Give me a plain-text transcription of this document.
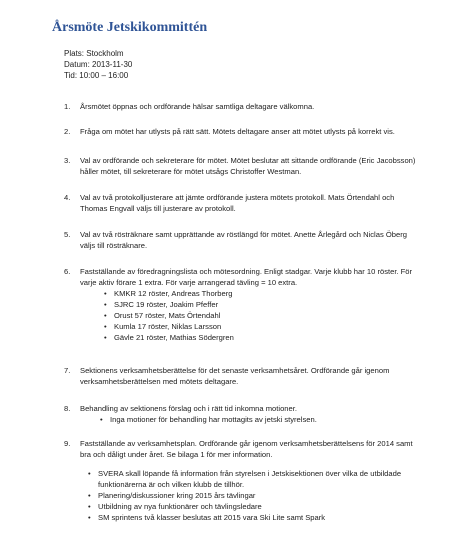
Årsmöte Jetskikommittén
Plats: Stockholm
Datum: 2013-11-30
Tid: 10:00 – 16:00
1. Årsmötet öppnas och ordförande hälsar samtliga deltagare välkomna.
2. Fråga om mötet har utlysts på rätt sätt. Mötets deltagare anser att mötet utlysts på korrekt vis.
3. Val av ordförande och sekreterare för mötet. Mötet beslutar att sittande ordförande (Eric Jacobsson)
håller mötet, till sekreterare för mötet utsågs Christoffer Westman.
4. Val av två protokolljusterare att jämte ordförande justera mötets protokoll. Mats Örtendahl och
Thomas Engvall väljs till justerare av protokoll.
5. Val av två rösträknare samt upprättande av röstlängd för mötet. Anette Årlegård och Niclas Öberg
väljs till rösträknare.
6. Fastställande av föredragningslista och mötesordning. Enligt stadgar. Varje klubb har 10 röster. För
varje aktiv förare 1 extra. För varje arrangerad tävling = 10 extra.
• KMKR 12 röster, Andreas Thorberg
• SJRC 19 röster, Joakim Pfeffer
• Orust 57 röster, Mats Örtendahl
• Kumla 17 röster, Niklas Larsson
• Gävle 21 röster, Mathias Södergren
7. Sektionens verksamhetsberättelse för det senaste verksamhetsåret. Ordförande går igenom
verksamhetsberättelsen med mötets deltagare.
8. Behandling av sektionens förslag och i rätt tid inkomna motioner.
• Inga motioner för behandling har mottagits av jetski styrelsen.
9. Fastställande av verksamhetsplan. Ordförande går igenom verksamhetsberättelsens för 2014 samt
bra och dåligt under året. Se bilaga 1 för mer information.
• SVERA skall löpande få information från styrelsen i Jetskisektionen över vilka de utbildade
funktionärerna är och vilken klubb de tillhör.
• Planering/diskussioner kring 2015 års tävlingar
• Utbildning av nya funktionärer och tävlingsledare
• SM sprintens två klasser beslutas att 2015 vara Ski Lite samt Spark
